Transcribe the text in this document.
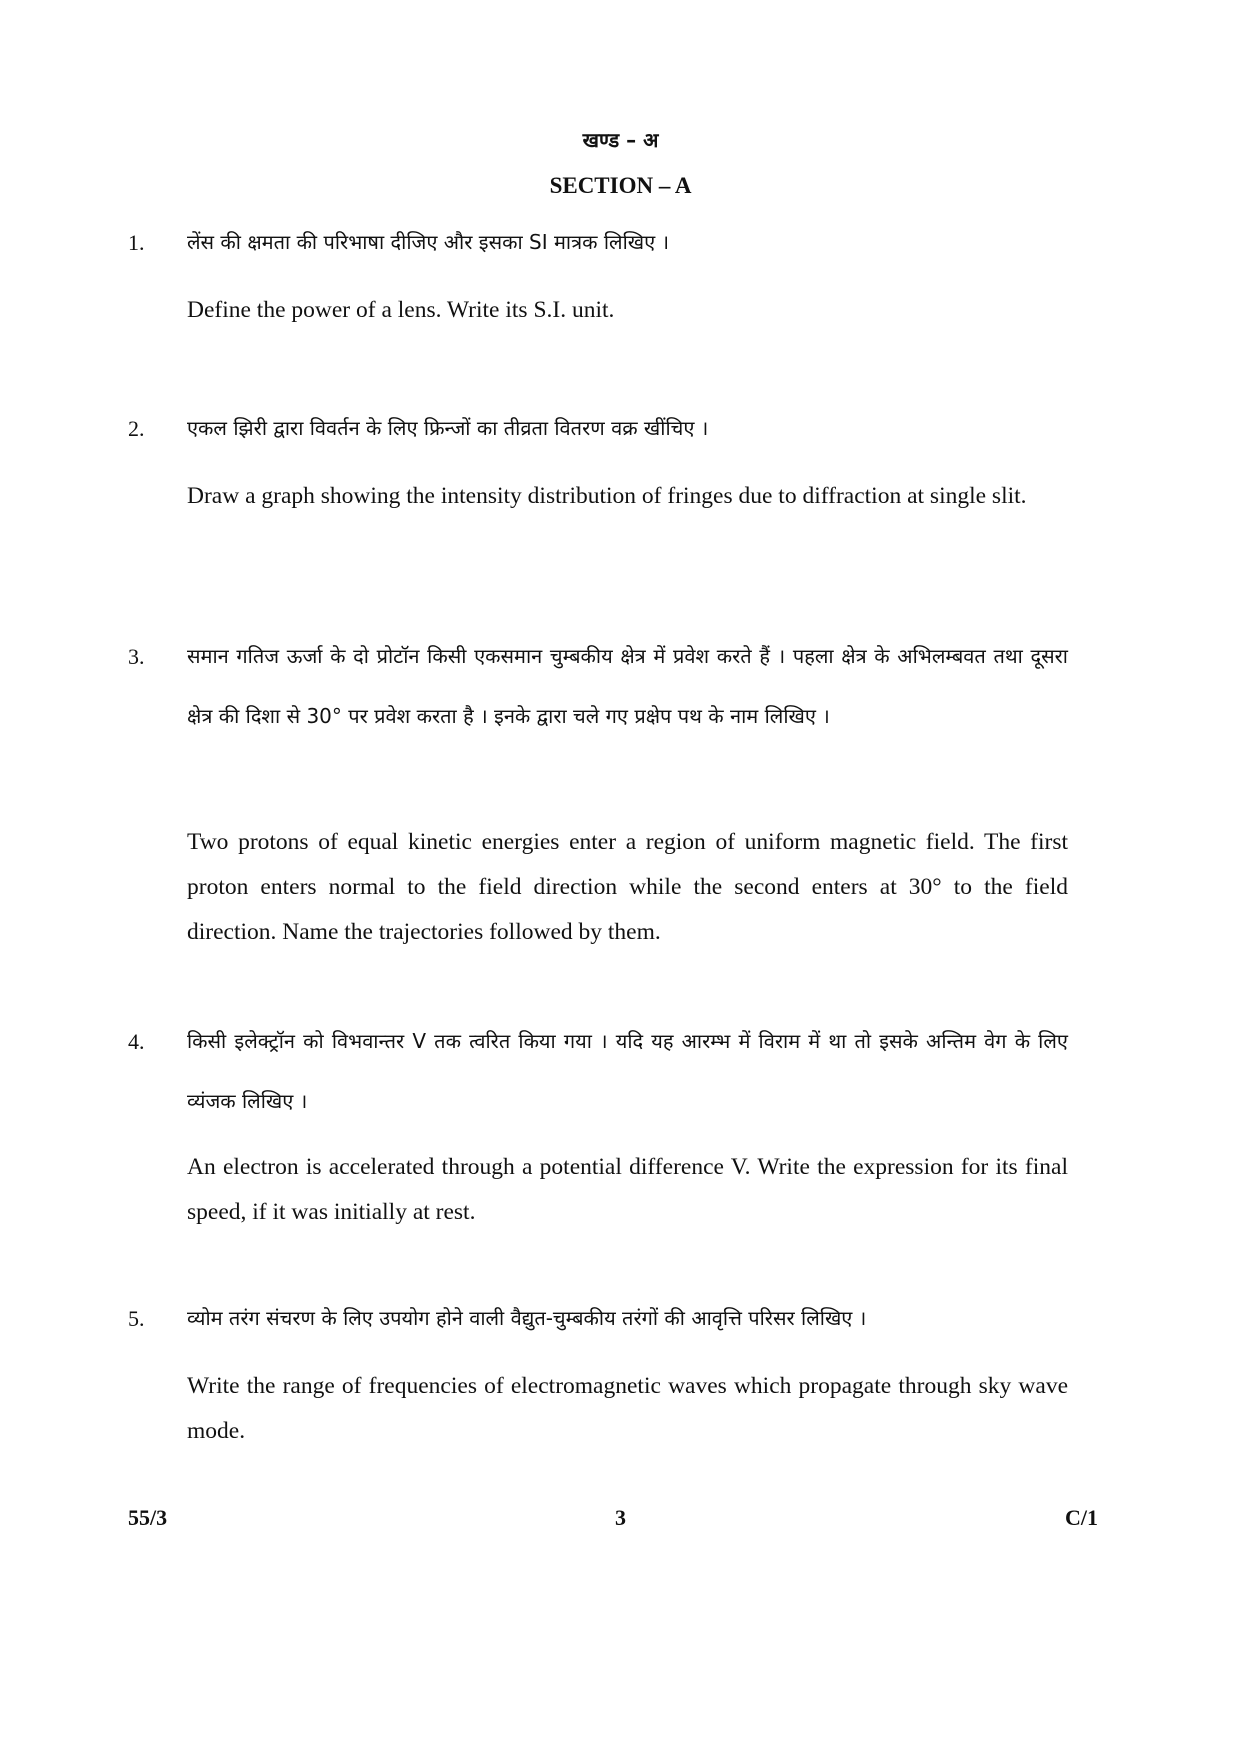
खण्ड – अ
SECTION – A
1. लेंस की क्षमता की परिभाषा दीजिए और इसका SI मात्रक लिखिए ।
Define the power of a lens. Write its S.I. unit.
2. एकल झिरी द्वारा विवर्तन के लिए फ्रिन्जों का तीव्रता वितरण वक्र खींचिए ।
Draw a graph showing the intensity distribution of fringes due to diffraction at single slit.
3. समान गतिज ऊर्जा के दो प्रोटॉन किसी एकसमान चुम्बकीय क्षेत्र में प्रवेश करते हैं । पहला क्षेत्र के अभिलम्बवत तथा दूसरा क्षेत्र की दिशा से 30° पर प्रवेश करता है । इनके द्वारा चले गए प्रक्षेप पथ के नाम लिखिए ।
Two protons of equal kinetic energies enter a region of uniform magnetic field. The first proton enters normal to the field direction while the second enters at 30° to the field direction. Name the trajectories followed by them.
4. किसी इलेक्ट्रॉन को विभवान्तर V तक त्वरित किया गया । यदि यह आरम्भ में विराम में था तो इसके अन्तिम वेग के लिए व्यंजक लिखिए ।
An electron is accelerated through a potential difference V. Write the expression for its final speed, if it was initially at rest.
5. व्योम तरंग संचरण के लिए उपयोग होने वाली वैद्युत-चुम्बकीय तरंगों की आवृत्ति परिसर लिखिए ।
Write the range of frequencies of electromagnetic waves which propagate through sky wave mode.
55/3	3	C/1
